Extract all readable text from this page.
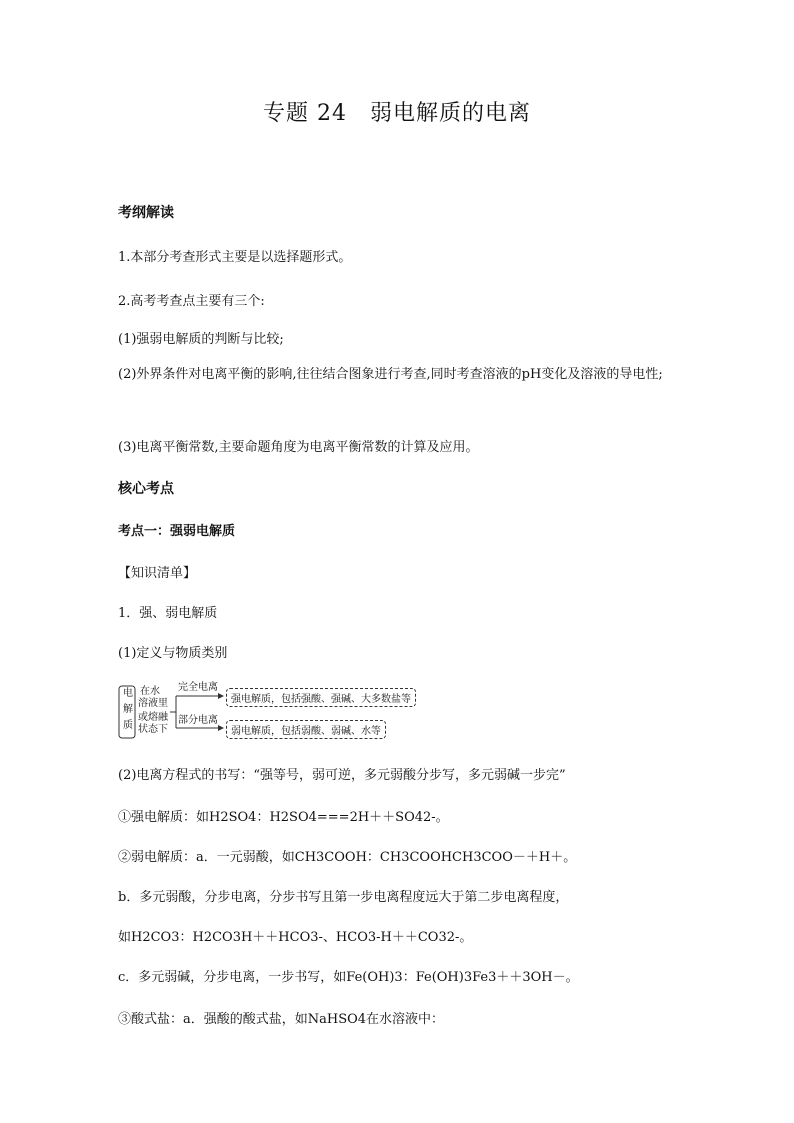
专题 24　弱电解质的电离
考纲解读
1.本部分考查形式主要是以选择题形式。
2.高考考查点主要有三个:
(1)强弱电解质的判断与比较;
(2)外界条件对电离平衡的影响,往往结合图象进行考查,同时考查溶液的pH变化及溶液的导电性;
(3)电离平衡常数,主要命题角度为电离平衡常数的计算及应用。
核心考点
考点一：强弱电解质
【知识清单】
1．强、弱电解质
(1)定义与物质类别
电
解
质
在水
溶液里
或熔融
状态下
完全电离
部分电离
强电解质，包括强酸、强碱、大多数盐等
弱电解质，包括弱酸、弱碱、水等
(2)电离方程式的书写：“强等号，弱可逆，多元弱酸分步写，多元弱碱一步完”
①强电解质：如H2SO4：H2SO4===2H＋＋SO42-。
②弱电解质：a．一元弱酸，如CH3COOH：CH3COOHCH3COO－＋H＋。
b．多元弱酸，分步电离，分步书写且第一步电离程度远大于第二步电离程度，
如H2CO3：H2CO3H＋＋HCO3-、HCO3-H＋＋CO32-。
c．多元弱碱，分步电离，一步书写，如Fe(OH)3：Fe(OH)3Fe3＋＋3OH－。
③酸式盐：a．强酸的酸式盐，如NaHSO4在水溶液中：
